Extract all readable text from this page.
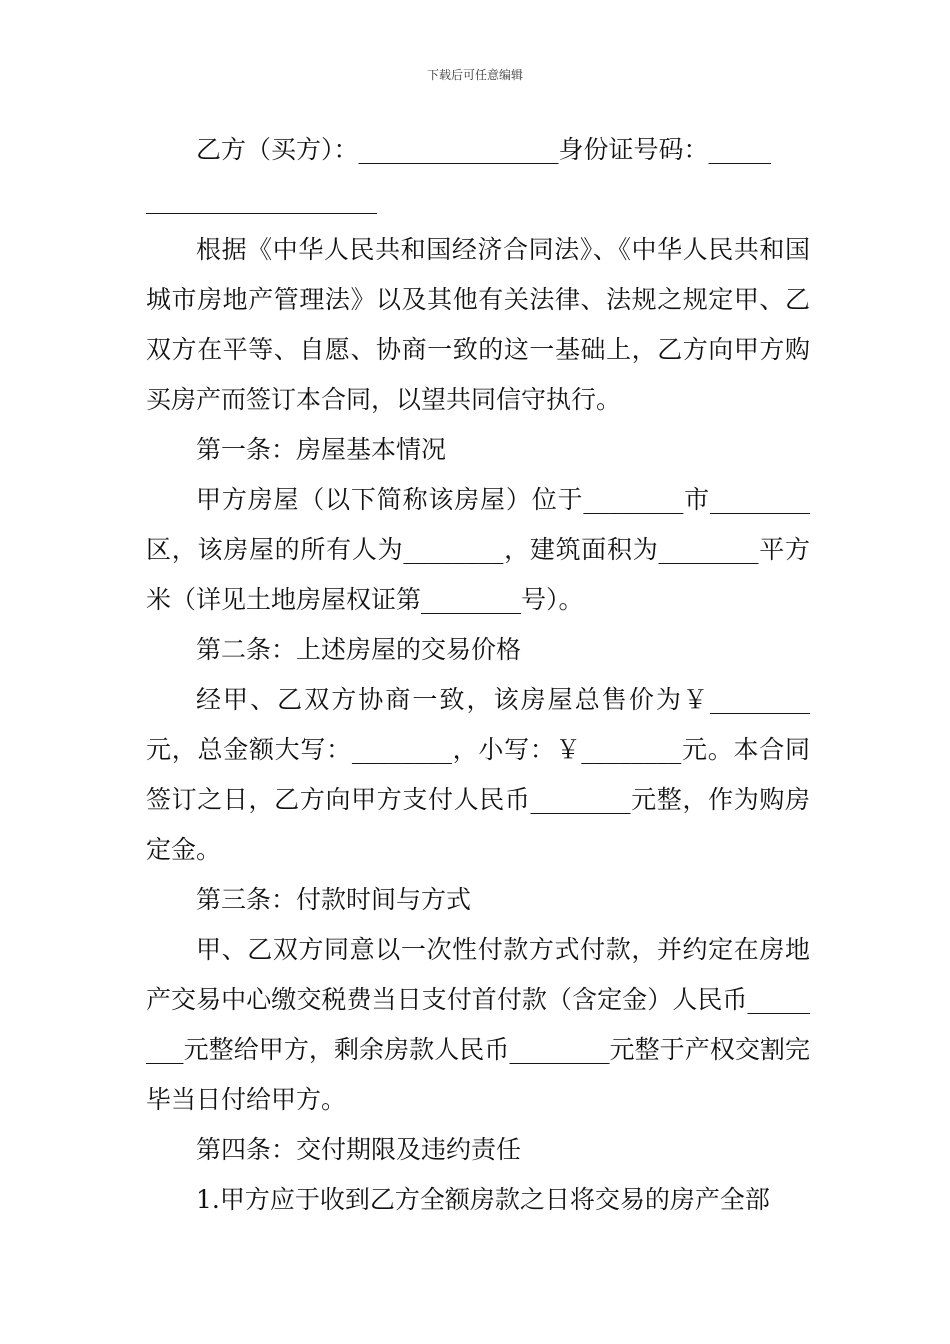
下载后可任意编辑

乙方（买方）：________________身份证号码：_____

____________________

根据《中华人民共和国经济合同法》、《中华人民共和国城市房地产管理法》以及其他有关法律、法规之规定甲、乙双方在平等、自愿、协商一致的这一基础上，乙方向甲方购买房产而签订本合同，以望共同信守执行。

第一条：房屋基本情况

甲方房屋（以下简称该房屋）位于________市________区，该房屋的所有人为________，建筑面积为________平方米（详见土地房屋权证第________号）。

第二条：上述房屋的交易价格

经甲、乙双方协商一致，该房屋总售价为￥________元，总金额大写：________，小写：￥________元。本合同签订之日，乙方向甲方支付人民币________元整，作为购房定金。

第三条：付款时间与方式

甲、乙双方同意以一次性付款方式付款，并约定在房地产交易中心缴交税费当日支付首付款（含定金）人民币________元整给甲方，剩余房款人民币________元整于产权交割完毕当日付给甲方。

第四条：交付期限及违约责任

1.甲方应于收到乙方全额房款之日将交易的房产全部
